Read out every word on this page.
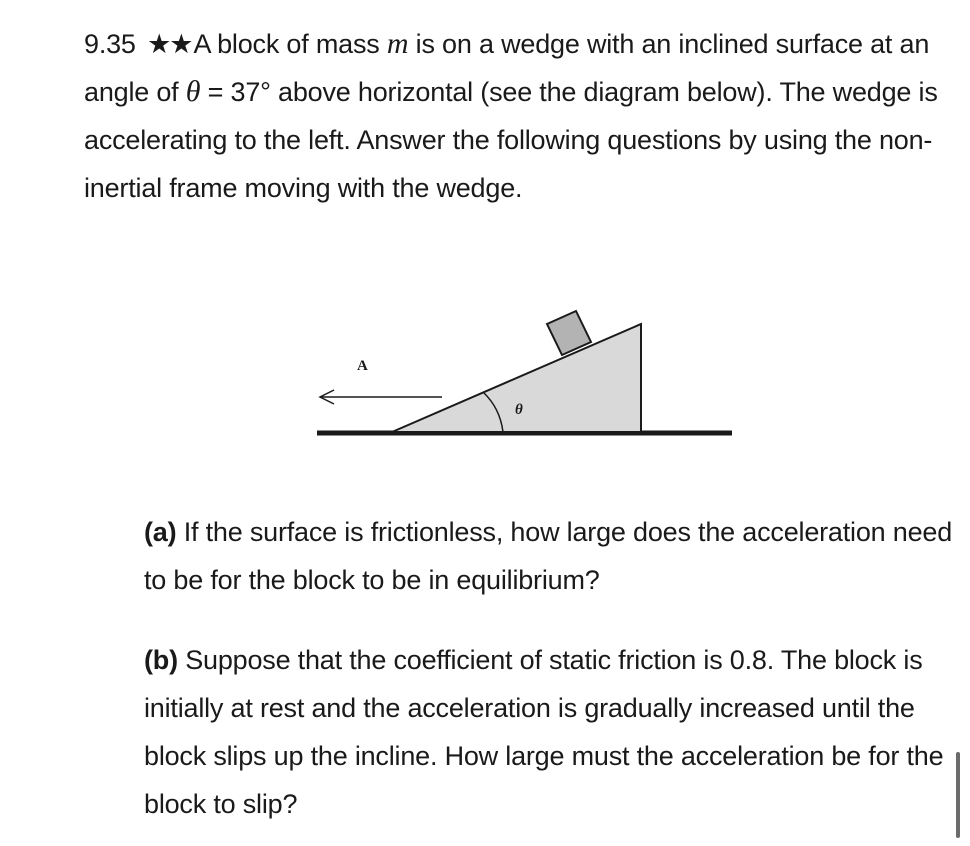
9.35 ★★A block of mass m is on a wedge with an inclined surface at an angle of θ = 37° above horizontal (see the diagram below). The wedge is accelerating to the left. Answer the following questions by using the non-inertial frame moving with the wedge.
A
θ
(a) If the surface is frictionless, how large does the acceleration need to be for the block to be in equilibrium?
(b) Suppose that the coefficient of static friction is 0.8. The block is initially at rest and the acceleration is gradually increased until the block slips up the incline. How large must the acceleration be for the block to slip?
